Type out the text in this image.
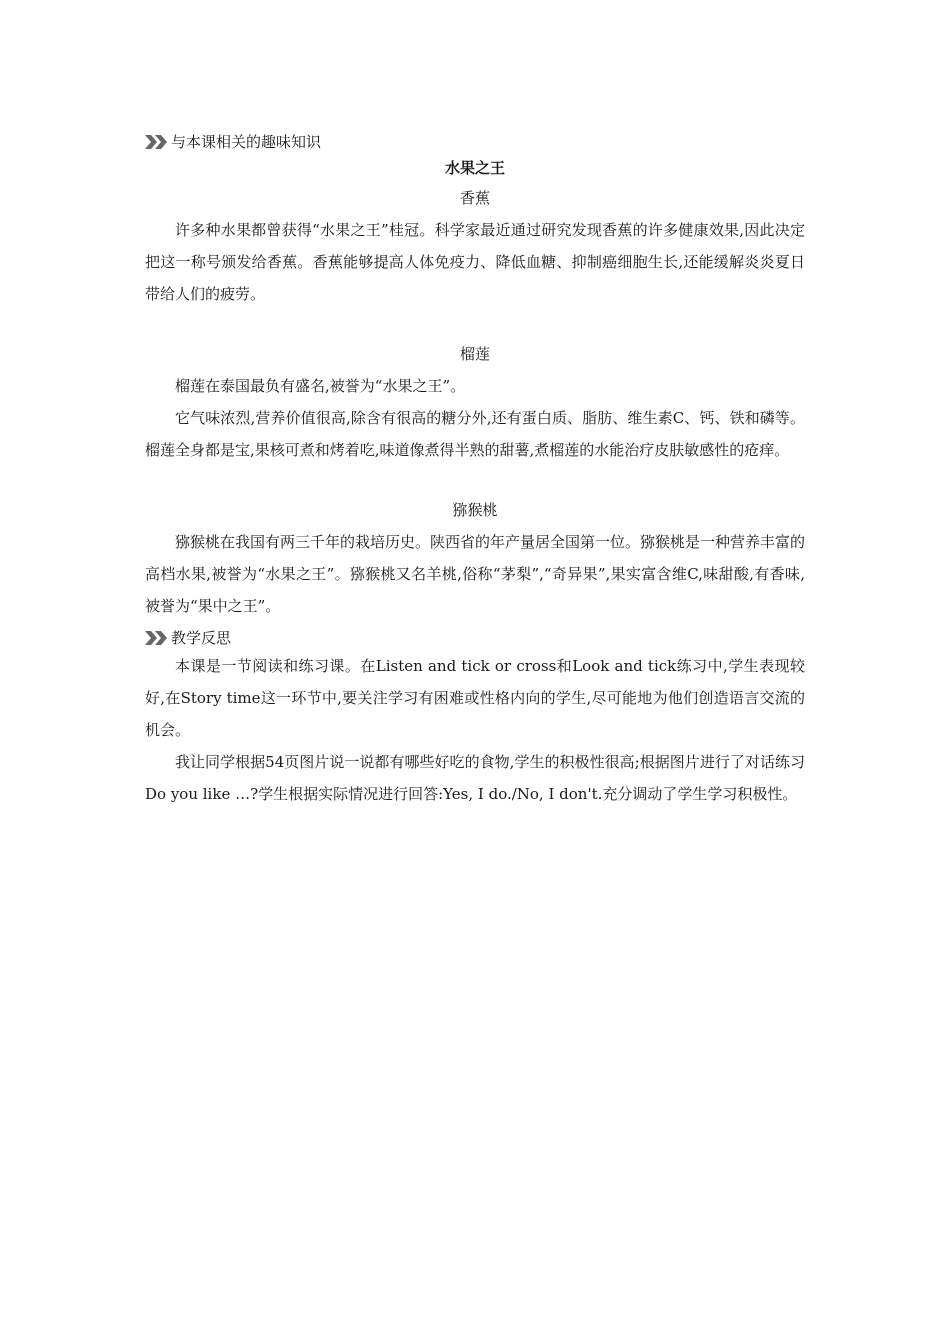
与本课相关的趣味知识
水果之王
香蕉

许多种水果都曾获得“水果之王”桂冠。科学家最近通过研究发现香蕉的许多健康效果,因此决定把这一称号颁发给香蕉。香蕉能够提高人体免疫力、降低血糖、抑制癌细胞生长,还能缓解炎炎夏日带给人们的疲劳。

榴莲

榴莲在泰国最负有盛名,被誉为“水果之王”。

它气味浓烈,营养价值很高,除含有很高的糖分外,还有蛋白质、脂肪、维生素C、钙、铁和磷等。榴莲全身都是宝,果核可煮和烤着吃,味道像煮得半熟的甜薯,煮榴莲的水能治疗皮肤敏感性的疮痒。

猕猴桃

猕猴桃在我国有两三千年的栽培历史。陕西省的年产量居全国第一位。猕猴桃是一种营养丰富的高档水果,被誉为“水果之王”。猕猴桃又名羊桃,俗称“茅梨”,“奇异果”,果实富含维C,味甜酸,有香味,被誉为“果中之王”。

教学反思

本课是一节阅读和练习课。在Listen and tick or cross和Look and tick练习中,学生表现较好,在Story time这一环节中,要关注学习有困难或性格内向的学生,尽可能地为他们创造语言交流的机会。

我让同学根据54页图片说一说都有哪些好吃的食物,学生的积极性很高;根据图片进行了对话练习Do you like …?学生根据实际情况进行回答:Yes, I do./No, I don't.充分调动了学生学习积极性。
